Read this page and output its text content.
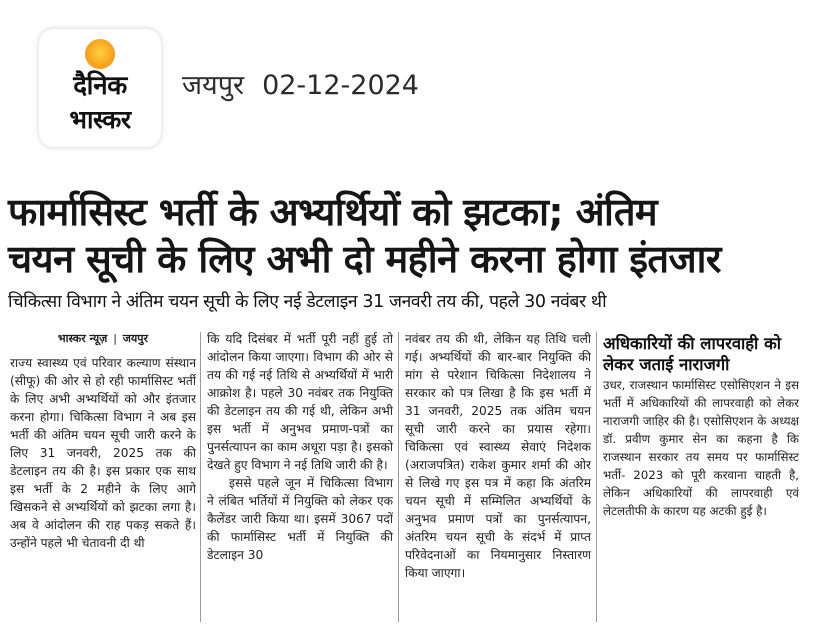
दैनिक
भास्कर
जयपुर 02-12-2024
फार्मासिस्ट भर्ती के अभ्यर्थियों को झटका; अंतिम
चयन सूची के लिए अभी दो महीने करना होगा इंतजार
चिकित्सा विभाग ने अंतिम चयन सूची के लिए नई डेटलाइन 31 जनवरी तय की, पहले 30 नवंबर थी

भास्कर न्यूज़ | जयपुर

राज्य स्वास्थ्य एवं परिवार कल्याण संस्थान (सीफू) की ओर से हो रही फार्मासिस्ट भर्ती के लिए अभी अभ्यर्थियों को और इंतजार करना होगा। चिकित्सा विभाग ने अब इस भर्ती की अंतिम चयन सूची जारी करने के लिए 31 जनवरी, 2025 तक की डेटलाइन तय की है। इस प्रकार एक साथ इस भर्ती के 2 महीने के लिए आगे खिसकने से अभ्यर्थियों को झटका लगा है। अब वे आंदोलन की राह पकड़ सकते हैं। उन्होंने पहले भी चेतावनी दी थी

कि यदि दिसंबर में भर्ती पूरी नहीं हुई तो आंदोलन किया जाएगा। विभाग की ओर से तय की गई नई तिथि से अभ्यर्थियों में भारी आक्रोश है। पहले 30 नवंबर तक नियुक्ति की डेटलाइन तय की गई थी, लेकिन अभी इस भर्ती में अनुभव प्रमाण-पत्रों का पुनर्सत्यापन का काम अधूरा पड़ा है। इसको देखते हुए विभाग ने नई तिथि जारी की है।

इससे पहले जून में चिकित्सा विभाग ने लंबित भर्तियों में नियुक्ति को लेकर एक कैलेंडर जारी किया था। इसमें 3067 पदों की फार्मासिस्ट भर्ती में नियुक्ति की डेटलाइन 30

नवंबर तय की थी, लेकिन यह तिथि चली गई। अभ्यर्थियों की बार-बार नियुक्ति की मांग से परेशान चिकित्सा निदेशालय ने सरकार को पत्र लिखा है कि इस भर्ती में 31 जनवरी, 2025 तक अंतिम चयन सूची जारी करने का प्रयास रहेगा। चिकित्सा एवं स्वास्थ्य सेवाएं निदेशक (अराजपत्रित) राकेश कुमार शर्मा की ओर से लिखे गए इस पत्र में कहा कि अंतरिम चयन सूची में सम्मिलित अभ्यर्थियों के अनुभव प्रमाण पत्रों का पुनर्सत्यापन, अंतरिम चयन सूची के संदर्भ में प्राप्त परिवेदनाओं का नियमानुसार निस्तारण किया जाएगा।

अधिकारियों की लापरवाही को लेकर जताई नाराजगी

उधर, राजस्थान फार्मासिस्ट एसोसिएशन ने इस भर्ती में अधिकारियों की लापरवाही को लेकर नाराजगी जाहिर की है। एसोसिएशन के अध्यक्ष डॉ. प्रवीण कुमार सेन का कहना है कि राजस्थान सरकार तय समय पर फार्मासिस्ट भर्ती- 2023 को पूरी करवाना चाहती है, लेकिन अधिकारियों की लापरवाही एवं लेटलतीफी के कारण यह अटकी हुई है।
